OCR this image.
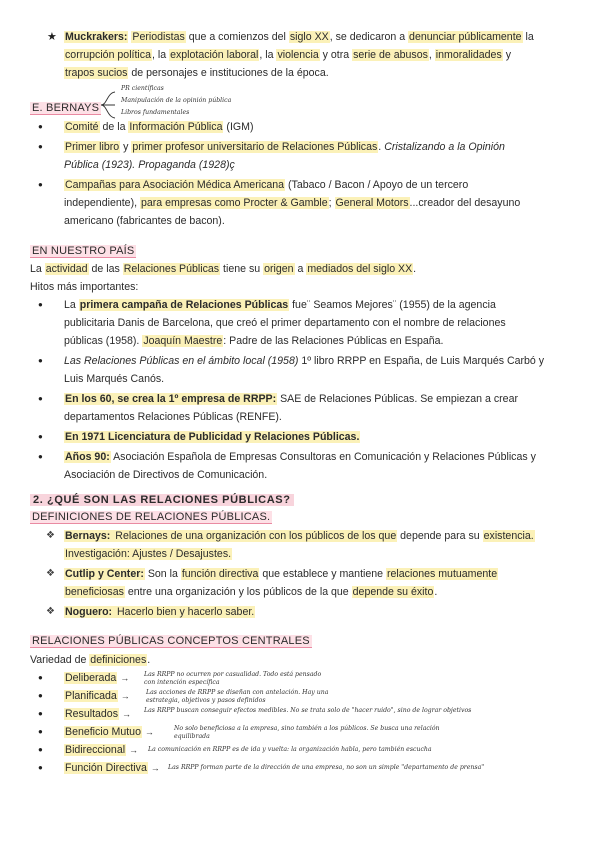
★ Muckrakers: Periodistas que a comienzos del siglo XX, se dedicaron a denunciar públicamente la
corrupción política, la explotación laboral, la violencia y otra serie de abusos, inmoralidades y
trapos sucios de personajes e instituciones de la época.
E. BERNAYS
PR científicas
Manipulación de la opinión pública
Libros fundamentales
● Comité de la Información Pública (IGM)
● Primer libro y primer profesor universitario de Relaciones Públicas. Cristalizando a la Opinión
Pública (1923). Propaganda (1928)ç
● Campañas para Asociación Médica Americana (Tabaco / Bacon / Apoyo de un tercero
independiente), para empresas como Procter & Gamble; General Motors...creador del desayuno
americano (fabricantes de bacon).
EN NUESTRO PAÍS
La actividad de las Relaciones Públicas tiene su origen a mediados del siglo XX.
Hitos más importantes:
● La primera campaña de Relaciones Públicas fue¨ Seamos Mejores¨ (1955) de la agencia
publicitaria Danis de Barcelona, que creó el primer departamento con el nombre de relaciones
públicas (1958). Joaquín Maestre: Padre de las Relaciones Públicas en España.
● Las Relaciones Públicas en el ámbito local (1958) 1º libro RRPP en España, de Luis Marqués Carbó y
Luis Marqués Canós.
● En los 60, se crea la 1º empresa de RRPP: SAE de Relaciones Públicas. Se empiezan a crear
departamentos Relaciones Públicas (RENFE).
● En 1971 Licenciatura de Publicidad y Relaciones Públicas.
● Años 90: Asociación Española de Empresas Consultoras en Comunicación y Relaciones Públicas y
Asociación de Directivos de Comunicación.
2. ¿QUÉ SON LAS RELACIONES PÚBLICAS?
DEFINICIONES DE RELACIONES PÚBLICAS.
❖ Bernays: Relaciones de una organización con los públicos de los que depende para su existencia.
Investigación: Ajustes / Desajustes.
❖ Cutlip y Center: Son la función directiva que establece y mantiene relaciones mutuamente
beneficiosas entre una organización y los públicos de la que depende su éxito.
❖ Noguero: Hacerlo bien y hacerlo saber.
RELACIONES PÚBLICAS CONCEPTOS CENTRALES
Variedad de definiciones.
● Deliberada → Las RRPP no ocurren por casualidad. Todo está pensado con intención específica
● Planificada →	Las acciones de RRPP se diseñan con antelación. Hay una estrategia, objetivos y pasos definidos
● Resultados → Las RRPP buscan conseguir efectos medibles. No se trata solo de "hacer ruido", sino de lograr objetivos
● Beneficio Mutuo →	No solo beneficiosa a la empresa, sino también a los públicos. Se busca una relación equilibrada
● Bidireccional → La comunicación en RRPP es de ida y vuelta: la organización habla, pero también escucha
● Función Directiva → Las RRPP forman parte de la dirección de una empresa, no son un simple "departamento de prensa"
